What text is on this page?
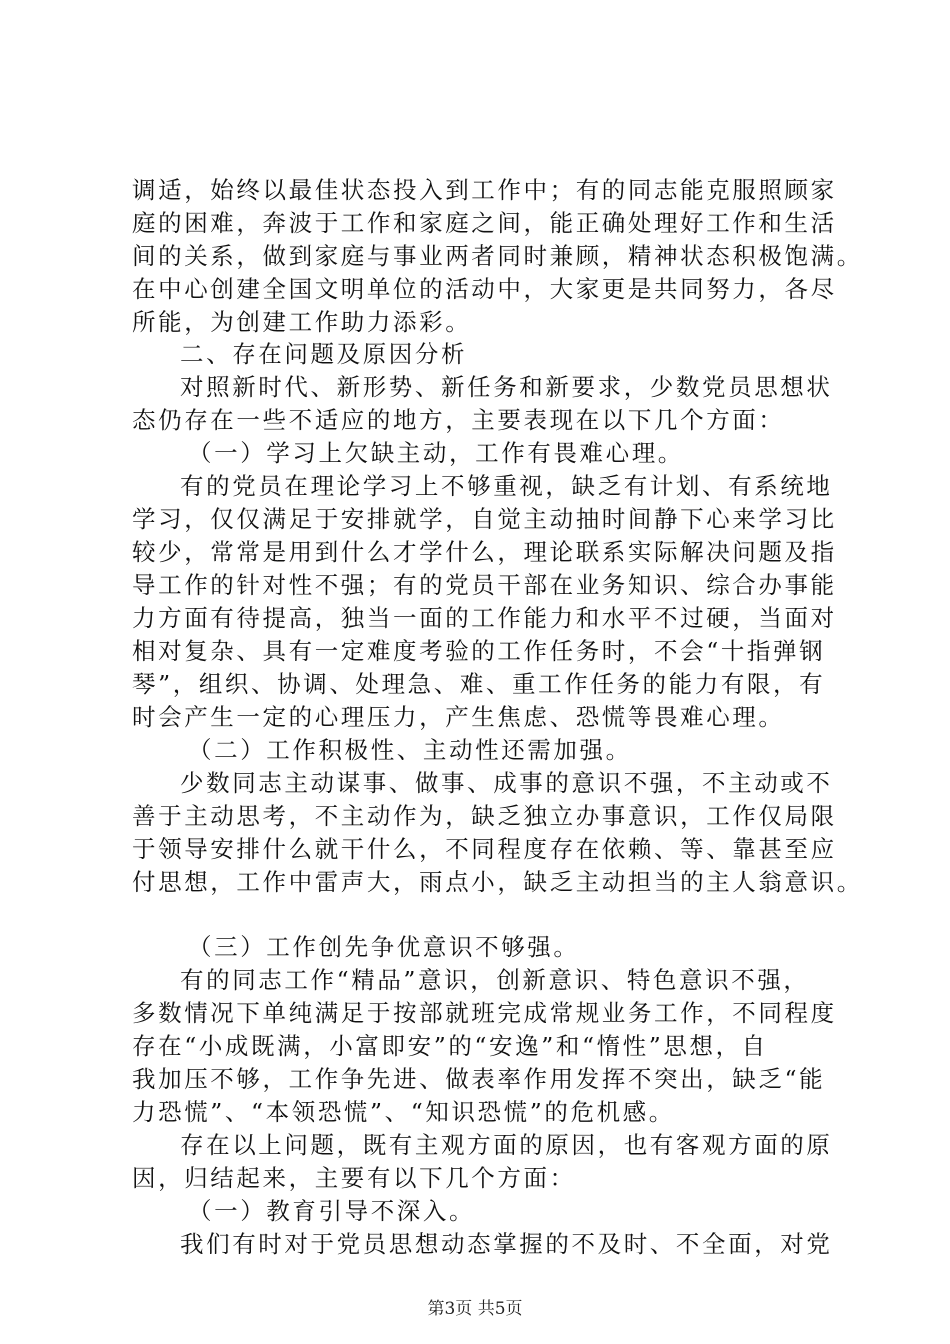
调适，始终以最佳状态投入到工作中；有的同志能克服照顾家

庭的困难，奔波于工作和家庭之间，能正确处理好工作和生活

间的关系，做到家庭与事业两者同时兼顾，精神状态积极饱满。

在中心创建全国文明单位的活动中，大家更是共同努力，各尽

所能，为创建工作助力添彩。

二、存在问题及原因分析

对照新时代、新形势、新任务和新要求，少数党员思想状

态仍存在一些不适应的地方，主要表现在以下几个方面：

（一）学习上欠缺主动，工作有畏难心理。

有的党员在理论学习上不够重视，缺乏有计划、有系统地

学习，仅仅满足于安排就学，自觉主动抽时间静下心来学习比

较少，常常是用到什么才学什么，理论联系实际解决问题及指

导工作的针对性不强；有的党员干部在业务知识、综合办事能

力方面有待提高，独当一面的工作能力和水平不过硬，当面对

相对复杂、具有一定难度考验的工作任务时，不会“十指弹钢

琴”，组织、协调、处理急、难、重工作任务的能力有限，有

时会产生一定的心理压力，产生焦虑、恐慌等畏难心理。

（二）工作积极性、主动性还需加强。

少数同志主动谋事、做事、成事的意识不强，不主动或不

善于主动思考，不主动作为，缺乏独立办事意识，工作仅局限

于领导安排什么就干什么，不同程度存在依赖、等、靠甚至应

付思想，工作中雷声大，雨点小，缺乏主动担当的主人翁意识。

（三）工作创先争优意识不够强。

有的同志工作“精品”意识，创新意识、特色意识不强，

多数情况下单纯满足于按部就班完成常规业务工作，不同程度

存在“小成既满，小富即安”的“安逸”和“惰性”思想，自

我加压不够，工作争先进、做表率作用发挥不突出，缺乏“能

力恐慌”、“本领恐慌”、“知识恐慌”的危机感。

存在以上问题，既有主观方面的原因，也有客观方面的原

因，归结起来，主要有以下几个方面：

（一）教育引导不深入。

我们有时对于党员思想动态掌握的不及时、不全面，对党

第3页 共5页
